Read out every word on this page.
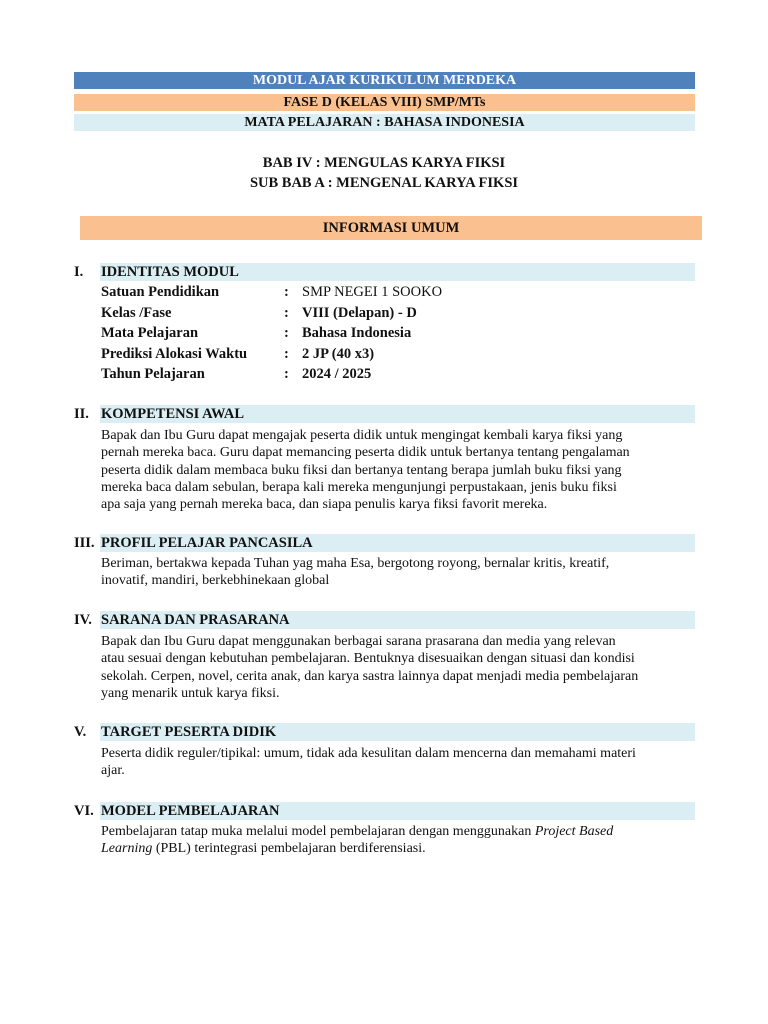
MODUL AJAR KURIKULUM MERDEKA
FASE D (KELAS VIII) SMP/MTs
MATA PELAJARAN : BAHASA INDONESIA
BAB IV : MENGULAS KARYA FIKSI
SUB BAB A : MENGENAL KARYA FIKSI
INFORMASI UMUM
I. IDENTITAS MODUL
Satuan Pendidikan	: SMP NEGEI 1 SOOKO
Kelas /Fase	: VIII (Delapan) - D
Mata Pelajaran	: Bahasa Indonesia
Prediksi Alokasi Waktu	: 2 JP (40 x3)
Tahun Pelajaran	: 2024 / 2025
II. KOMPETENSI AWAL
Bapak dan Ibu Guru dapat mengajak peserta didik untuk mengingat kembali karya fiksi yang
pernah mereka baca. Guru dapat memancing peserta didik untuk bertanya tentang pengalaman
peserta didik dalam membaca buku fiksi dan bertanya tentang berapa jumlah buku fiksi yang
mereka baca dalam sebulan, berapa kali mereka mengunjungi perpustakaan, jenis buku fiksi
apa saja yang pernah mereka baca, dan siapa penulis karya fiksi favorit mereka.
III. PROFIL PELAJAR PANCASILA
Beriman, bertakwa kepada Tuhan yag maha Esa, bergotong royong, bernalar kritis, kreatif,
inovatif, mandiri, berkebhinekaan global
IV. SARANA DAN PRASARANA
Bapak dan Ibu Guru dapat menggunakan berbagai sarana prasarana dan media yang relevan
atau sesuai dengan kebutuhan pembelajaran. Bentuknya disesuaikan dengan situasi dan kondisi
sekolah. Cerpen, novel, cerita anak, dan karya sastra lainnya dapat menjadi media pembelajaran
yang menarik untuk karya fiksi.
V. TARGET PESERTA DIDIK
Peserta didik reguler/tipikal: umum, tidak ada kesulitan dalam mencerna dan memahami materi
ajar.
VI. MODEL PEMBELAJARAN
Pembelajaran tatap muka melalui model pembelajaran dengan menggunakan Project Based
Learning (PBL) terintegrasi pembelajaran berdiferensiasi.
